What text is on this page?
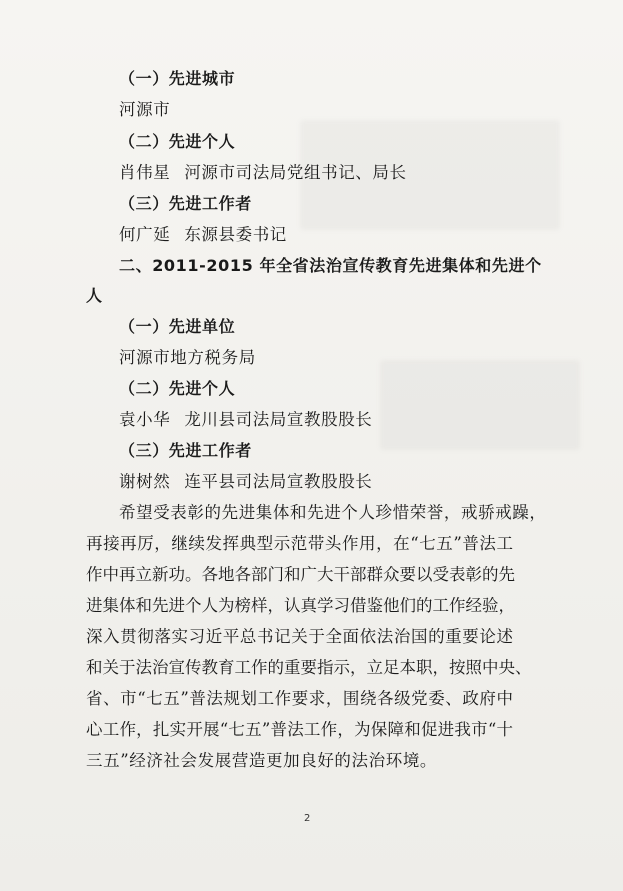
（一）先进城市
河源市
（二）先进个人
肖伟星 河源市司法局党组书记、局长
（三）先进工作者
何广延 东源县委书记
二、2011-2015 年全省法治宣传教育先进集体和先进个
人
（一）先进单位
河源市地方税务局
（二）先进个人
袁小华 龙川县司法局宣教股股长
（三）先进工作者
谢树然 连平县司法局宣教股股长
希望受表彰的先进集体和先进个人珍惜荣誉，戒骄戒躁，
再接再厉，继续发挥典型示范带头作用，在“七五”普法工
作中再立新功。各地各部门和广大干部群众要以受表彰的先
进集体和先进个人为榜样，认真学习借鉴他们的工作经验，
深入贯彻落实习近平总书记关于全面依法治国的重要论述
和关于法治宣传教育工作的重要指示，立足本职，按照中央、
省、市“七五”普法规划工作要求，围绕各级党委、政府中
心工作，扎实开展“七五”普法工作，为保障和促进我市“十
三五”经济社会发展营造更加良好的法治环境。
2
